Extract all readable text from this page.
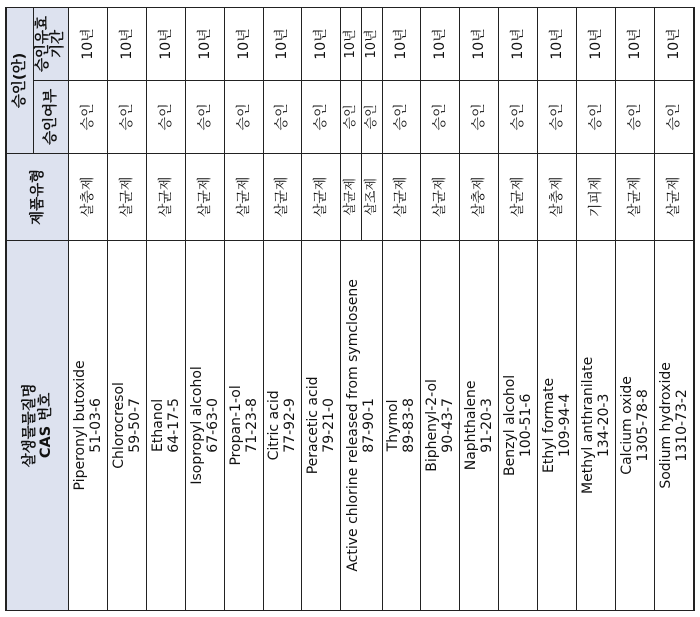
살생물물질명
CAS 번호	제품유형	승인(안)	
		승인여부	승인유효기간

Piperonyl butoxide 51-03-6	살충제	승인	10년

Chlorocresol 59-50-7	살균제	승인	10년

Ethanol 64-17-5	살균제	승인	10년

Isopropyl alcohol 67-63-0	살균제	승인	10년

Propan-1-ol 71-23-8	살균제	승인	10년

Citric acid 77-92-9	살균제	승인	10년

Peracetic acid 79-21-0	살균제	승인	10년

Active chlorine released from symclosene 87-90-1	살균제	승인	10년
	살조제	승인	10년

Thymol 89-83-8	살균제	승인	10년

Biphenyl-2-ol 90-43-7	살균제	승인	10년

Naphthalene 91-20-3	살충제	승인	10년

Benzyl alcohol 100-51-6	살균제	승인	10년

Ethyl formate 109-94-4	살충제	승인	10년

Methyl anthranilate 134-20-3	기피제	승인	10년

Calcium oxide 1305-78-8	살균제	승인	10년

Sodium hydroxide 1310-73-2	살균제	승인	10년
